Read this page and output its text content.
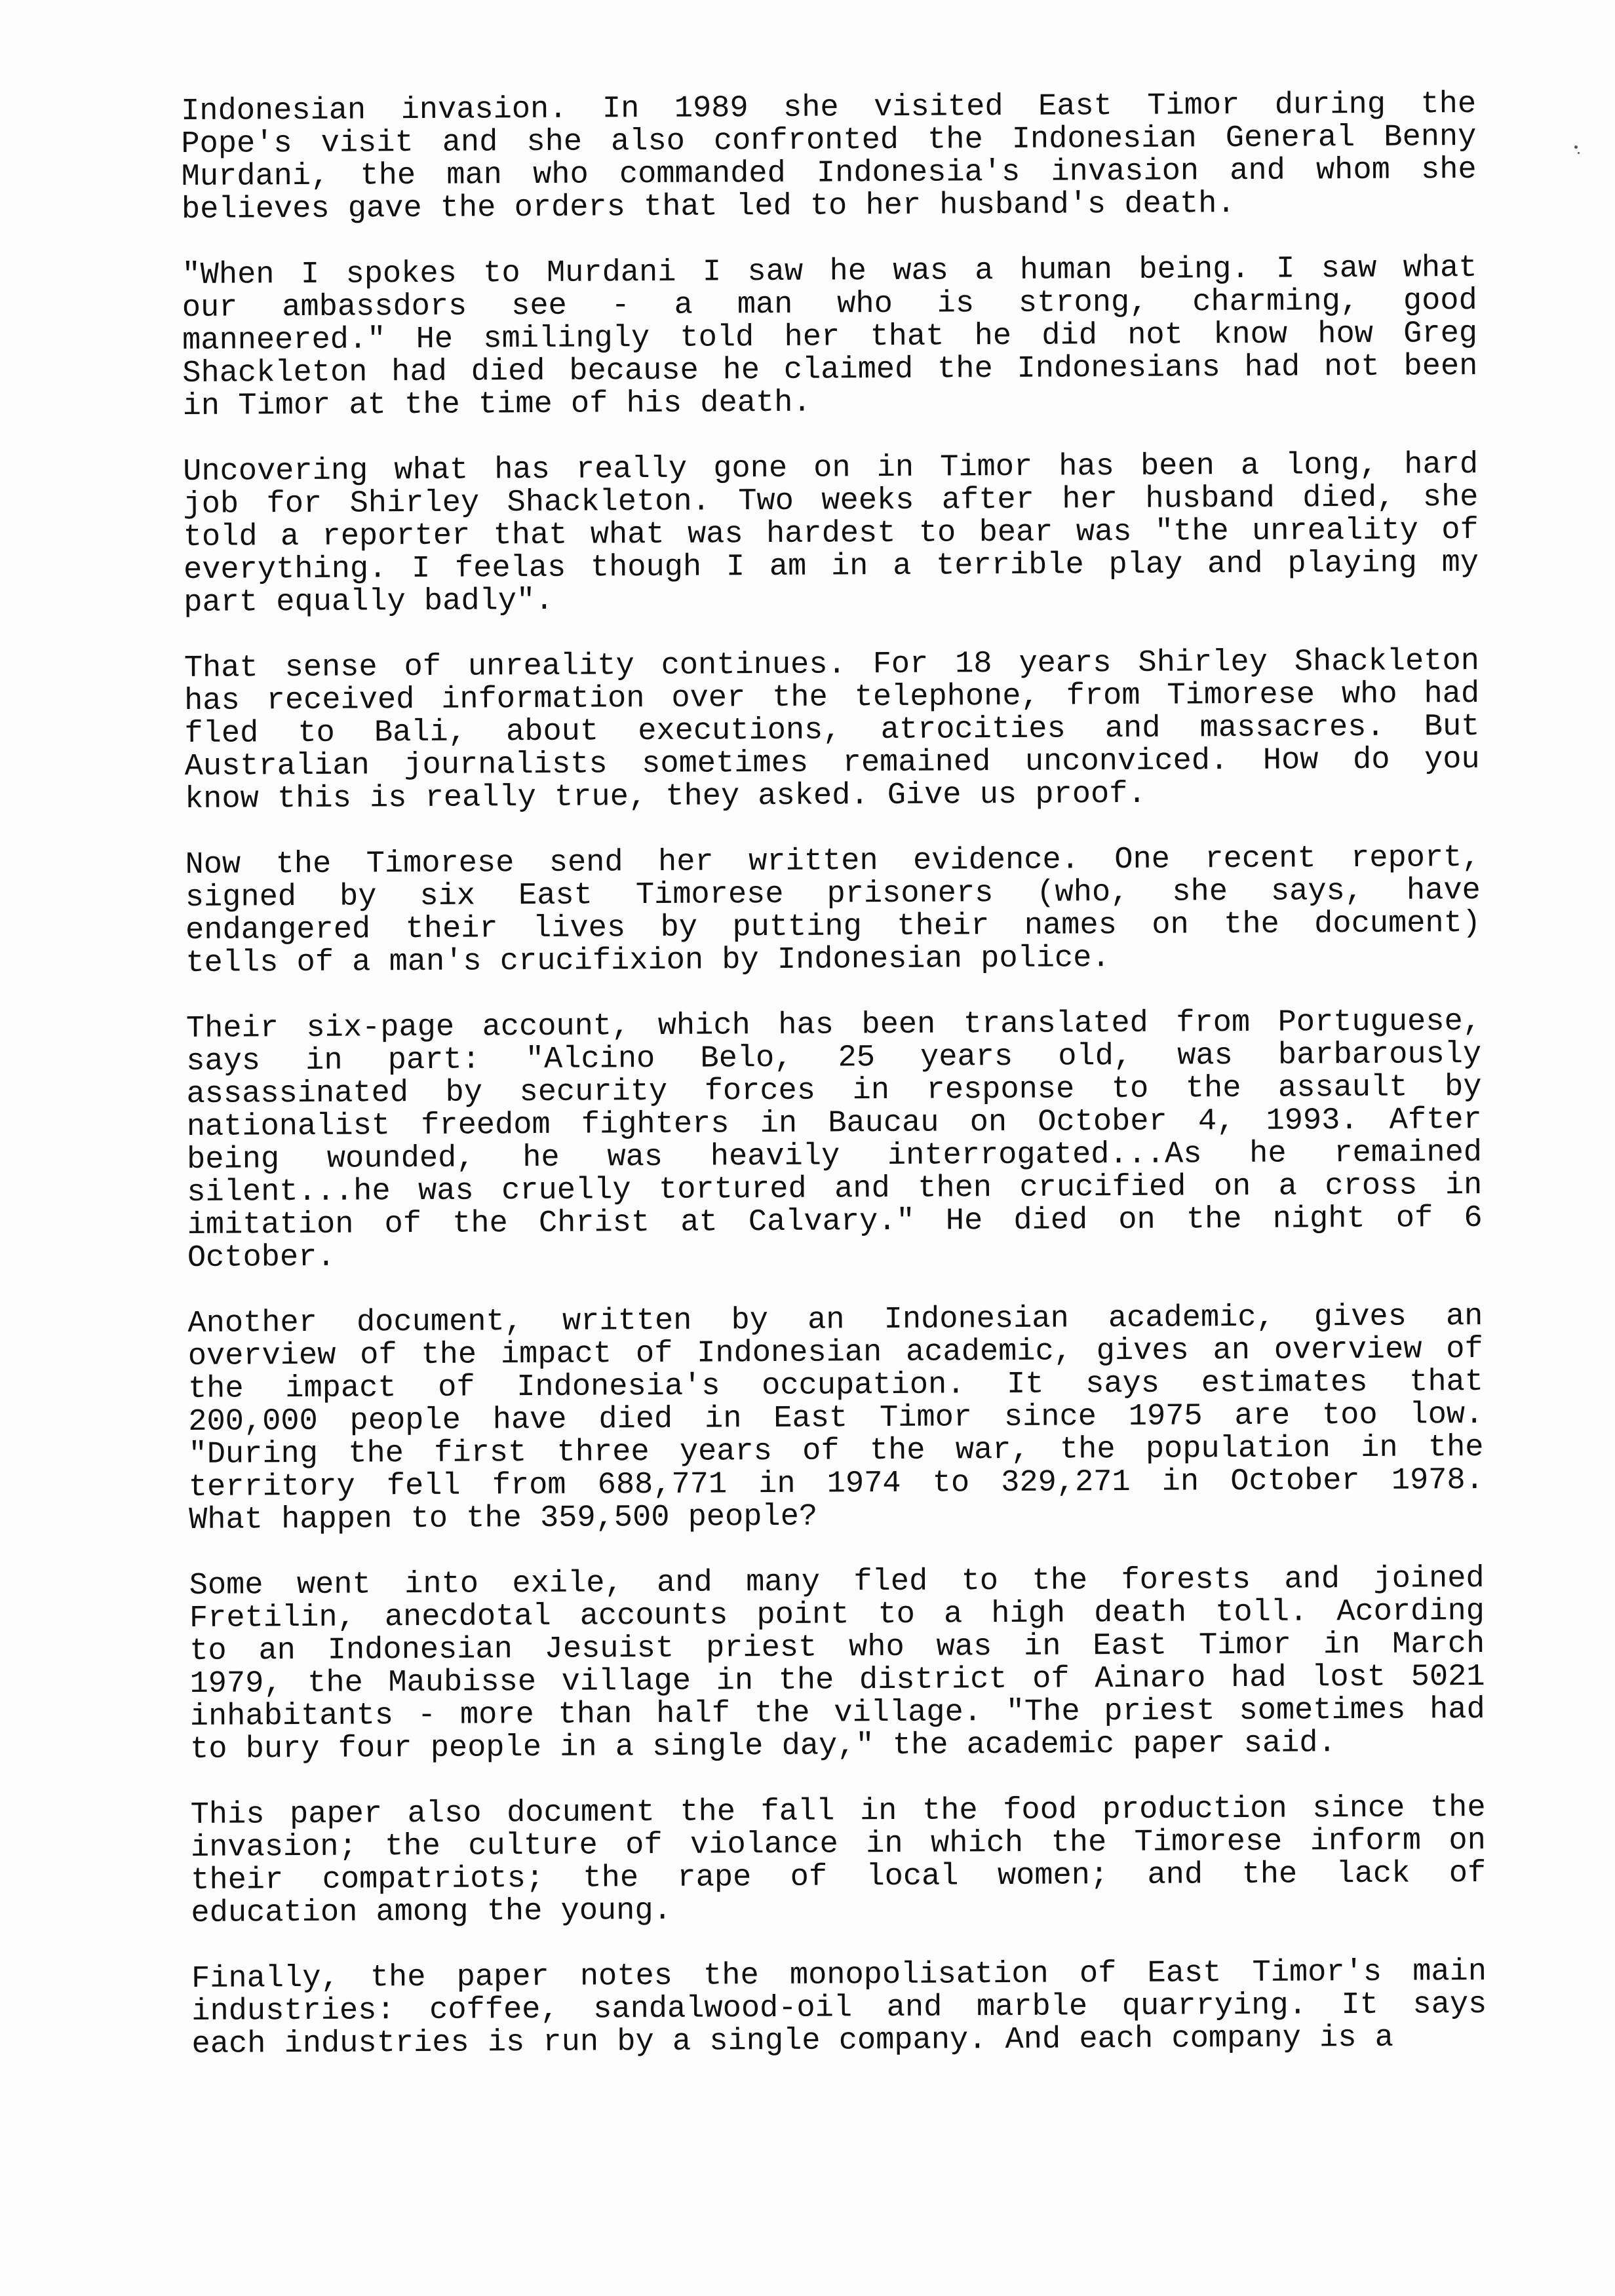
Indonesian invasion. In 1989 she visited East Timor during the
Pope's visit and she also confronted the Indonesian General Benny
Murdani, the man who commanded Indonesia's invasion and whom she
believes gave the orders that led to her husband's death.
"When I spokes to Murdani I saw he was a human being. I saw what
our ambassdors see - a man who is strong, charming, good
manneered." He smilingly told her that he did not know how Greg
Shackleton had died because he claimed the Indonesians had not been
in Timor at the time of his death.
Uncovering what has really gone on in Timor has been a long, hard
job for Shirley Shackleton. Two weeks after her husband died, she
told a reporter that what was hardest to bear was "the unreality of
everything. I feelas though I am in a terrible play and playing my
part equally badly".
That sense of unreality continues. For 18 years Shirley Shackleton
has received information over the telephone, from Timorese who had
fled to Bali, about executions, atrocities and massacres. But
Australian journalists sometimes remained unconviced. How do you
know this is really true, they asked. Give us proof.
Now the Timorese send her written evidence. One recent report,
signed by six East Timorese prisoners (who, she says, have
endangered their lives by putting their names on the document)
tells of a man's crucifixion by Indonesian police.
Their six-page account, which has been translated from Portuguese,
says in part: "Alcino Belo, 25 years old, was barbarously
assassinated by security forces in response to the assault by
nationalist freedom fighters in Baucau on October 4, 1993. After
being wounded, he was heavily interrogated...As he remained
silent...he was cruelly tortured and then crucified on a cross in
imitation of the Christ at Calvary." He died on the night of 6
October.
Another document, written by an Indonesian academic, gives an
overview of the impact of Indonesian academic, gives an overview of
the impact of Indonesia's occupation. It says estimates that
200,000 people have died in East Timor since 1975 are too low.
"During the first three years of the war, the population in the
territory fell from 688,771 in 1974 to 329,271 in October 1978.
What happen to the 359,500 people?
Some went into exile, and many fled to the forests and joined
Fretilin, anecdotal accounts point to a high death toll. Acording
to an Indonesian Jesuist priest who was in East Timor in March
1979, the Maubisse village in the district of Ainaro had lost 5021
inhabitants - more than half the village. "The priest sometimes had
to bury four people in a single day," the academic paper said.
This paper also document the fall in the food production since the
invasion; the culture of violance in which the Timorese inform on
their compatriots; the rape of local women; and the lack of
education among the young.
Finally, the paper notes the monopolisation of East Timor's main
industries: coffee, sandalwood-oil and marble quarrying. It says
each industries is run by a single company. And each company is a
